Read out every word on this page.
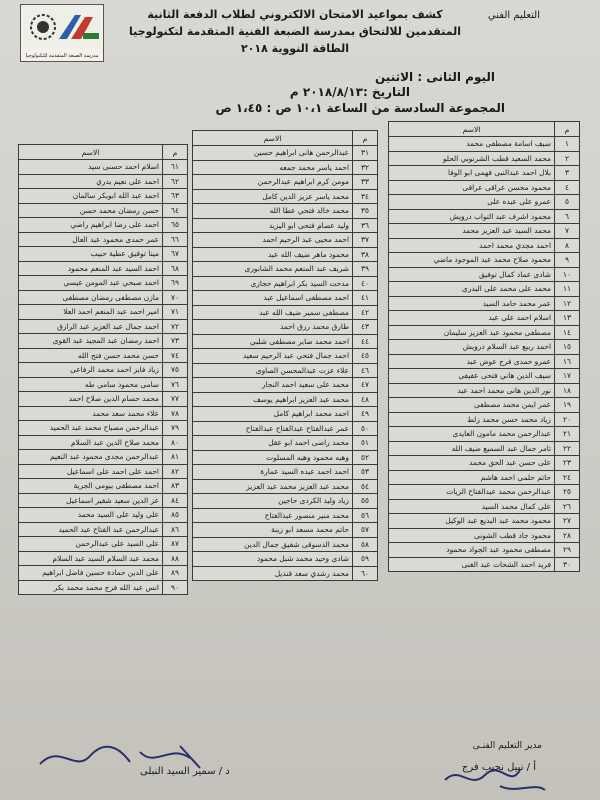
التعليم الفني
مدرسة الضبعة المتقدمة للتكنولوجيا
كشف بمواعيد الامتحان الالكتروني لطلاب الدفعة الثانية
المتقدمين للالتحاق بمدرسة الضبعة الفنية المتقدمة لتكنولوجيا
الطاقة النووية ٢٠١٨
اليوم الثانى : الاثنين
التاريخ :٢٠١٨/٨/١٣ م
المجموعة السادسة من الساعة ١٠،١ ص : ١،٤٥ ص
م	الاسم
١	سيف اسامة مصطفى محمد
٢	محمد السعيد قطب الشرنوبي الحلو
٣	بلال احمد عبدالنبى فهمى ابو الوفا
٤	محمود محسن عراقى عراقى
٥	عمرو على عبده على
٦	محمود اشرف عبد التواب درويش
٧	محمد السيد عبد العزيز محمد
٨	احمد مجدي محمد احمد
٩	محمود صلاح محمد عبد الموجود ماضي
١٠	شادى عماد كمال توفيق
١١	محمد على محمد على البدرى
١٢	عمر محمد حامد السيد
١٣	اسلام احمد على عبد
١٤	مصطفى محمود عبد العزيز سليمان
١٥	احمد ربيع عبد السلام درويش
١٦	عمرو حمدى فرج عوض عبد
١٧	سيف الدين هاني فتحى عفيفى
١٨	نور الدين هانى محمد احمد عبد
١٩	عمر ايمن محمد مصطفى
٢٠	زياد محمد حسن محمد زلط
٢١	عبدالرحمن محمد مامون العايدى
٢٢	تامر جمال عبد السميع ضيف الله
٢٣	على حسن عبد الحق محمد
٢٤	حاتم حلمى احمد هاشم
٢٥	عبدالرحمن محمد عبدالفتاح الزيات
٢٦	على كمال محمد السيد
٢٧	محمود محمد عبد البديع عبد الوكيل
٢٨	محمود جاد قطب الشونى
٢٩	مصطفى محمود عبد الجواد محمود
٣٠	فريد احمد الشحات عبد الغنى
م	الاسم
٣١	عبدالرحمن هانى ابراهيم حسين
٣٢	احمد ياسر محمد جمعه
٣٣	مومن كرم ابراهيم عبدالرحمن
٣٤	محمد ياسر عزيز الدين كامل
٣٥	محمد خالد فتحي عطا الله
٣٦	وليد عصام فتحى ابو اليزيد
٣٧	احمد محيى عبد الرحيم احمد
٣٨	محمود ماهر ضيف الله عبد
٣٩	شريف عبد المنعم محمد الشابورى
٤٠	مدحت السيد بكر ابراهيم حجازى
٤١	احمد مصطفى اسماعيل عبد
٤٢	مصطفى سمير ضيف الله عبد
٤٣	طارق محمد رزق احمد
٤٤	احمد محمد صابر مصطفى شلبي
٤٥	احمد جمال فتحي عبد الرحيم سعيد
٤٦	علاء عزت عبدالمحسن الصاوى
٤٧	محمد على سعيد احمد النجار
٤٨	محمد عبد العزيز ابراهيم يوسف
٤٩	احمد محمد ابراهيم كامل
٥٠	عمر عبدالفتاح عبدالفتاح عبدالفتاح
٥١	محمد راضى احمد ابو عقل
٥٢	وهبه محمود وهبه المسلوت
٥٣	احمد احمد عبده السيد عمارة
٥٤	محمد عبد العزيز محمد عبد العزيز
٥٥	زياد وليد الكردى حاجين
٥٦	محمد منير منصور عبدالفتاح
٥٧	حاتم محمد مسعد ابو زينة
٥٨	محمد الدسوقى شفيق جمال الدين
٥٩	شادى وحيد محمد شبل محمود
٦٠	محمد رشدي سعد قنديل
م	الاسم
٦١	اسلام احمد حسنى سيد
٦٢	احمد على نعيم بدري
٦٣	احمد عبد الله ابوبكر سالمان
٦٤	حسن رمضان محمد حسن
٦٥	احمد على رضا ابراهيم راضي
٦٦	عمر حمدى محمود عبد العال
٦٧	مينا توفيق عطية حبيب
٦٨	احمد السيد عبد المنعم محمود
٦٩	احمد صبحي عبد المومن عيسي
٧٠	مازن مصطفى رمضان مصطفى
٧١	امير احمد عبد المنعم احمد العلا
٧٢	احمد جمال عبد العزيز عبد الرازق
٧٣	احمد رمضان عبد المجيد عبد القوى
٧٤	حسن محمد حسن فتح الله
٧٥	زياد فايز احمد محمد الرفاعى
٧٦	سامى محمود سامي طه
٧٧	محمد حسام الدين صلاح احمد
٧٨	علاء محمد سعد محمد
٧٩	عبدالرحمن مصباح محمد عبد الحميد
٨٠	محمد صلاح الدين عبد السلام
٨١	عبدالرحمن مجدى محمود عبد النعيم
٨٢	احمد على احمد على اسماعيل
٨٣	احمد مصطفى بيومى الجرية
٨٤	عز الدين سعيد شقير اسماعيل
٨٥	على وليد على السيد محمد
٨٦	عبدالرحمن عبد الفتاح عبد الحميد
٨٧	على السيد على عبدالرحمن
٨٨	محمد عبد السلام السيد عبد السلام
٨٩	على الدين حمادة حسين فاضل ابراهيم
٩٠	انس عبد الله فرج محمد محمد بكر
مدير التعليم الفنـى
أ / نبيل نجيب فرج
د / سمير السيد النبلى
